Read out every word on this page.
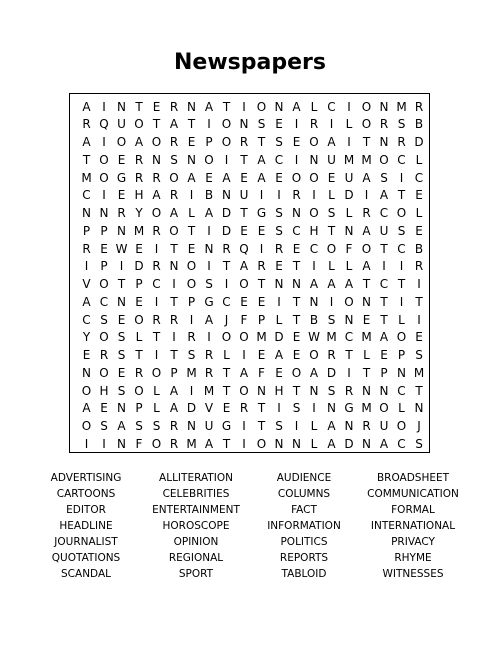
Newspapers
A I N T E R N A T	I O N A L C I O N M R
R Q U O T A T	I O N S E I R I	L O R S B
A I O A O R E P O R T S E O A I	T N R D
T O E R N S N O I	T A C I N U M M O C L
M O G R R O A E A E A E O O E U A S I C
C I E H A R I B N U I	I R I	L D I A T E
N N R Y O A L A D T G S N O S L R C O L
P P N M R O T	I D E E S C H T N A U S E
R E W E I	T E N R Q I R E C O F O T C B
I	P	I D R N O I	T A R E T	I	L L A I	I R
V O T P C I O S I O T N N A A A T C T	I
A C N E I	T P G C E E I	T N I O N T	I	T
C S E O R R I A J	F P L T B S N E T L	I
Y O S L T	I R I O O M D E W M C M A O E
E R S T	I	T S R L	I E A E O R T L E P S
N O E R O P M R T A F E O A D I	T P N M
O H S O L A I M T O N H T N S R N N C T
A E N P L A D V E R T	I S I N G M O L N
O S A S S R N U G I	T S I	L A N R U O J
I	I N F O R M A T	I O N N L A D N A C S
ADVERTISING	ALLITERATION	AUDIENCE	BROADSHEET
CARTOONS	CELEBRITIES	COLUMNS	COMMUNICATION
EDITOR	ENTERTAINMENT	FACT	FORMAL
HEADLINE	HOROSCOPE	INFORMATION	INTERNATIONAL
JOURNALIST	OPINION	POLITICS	PRIVACY
QUOTATIONS	REGIONAL	REPORTS	RHYME
SCANDAL	SPORT	TABLOID	WITNESSES
